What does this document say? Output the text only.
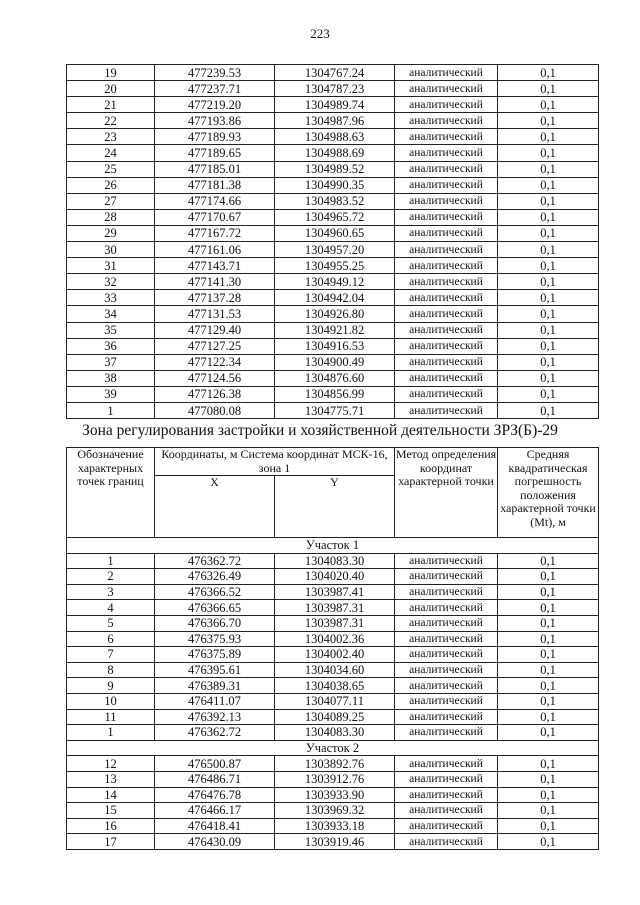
223
19	477239.53	1304767.24	аналитический	0,1
20	477237.71	1304787.23	аналитический	0,1
21	477219.20	1304989.74	аналитический	0,1
22	477193.86	1304987.96	аналитический	0,1
23	477189.93	1304988.63	аналитический	0,1
24	477189.65	1304988.69	аналитический	0,1
25	477185.01	1304989.52	аналитический	0,1
26	477181.38	1304990.35	аналитический	0,1
27	477174.66	1304983.52	аналитический	0,1
28	477170.67	1304965.72	аналитический	0,1
29	477167.72	1304960.65	аналитический	0,1
30	477161.06	1304957.20	аналитический	0,1
31	477143.71	1304955.25	аналитический	0,1
32	477141.30	1304949.12	аналитический	0,1
33	477137.28	1304942.04	аналитический	0,1
34	477131.53	1304926.80	аналитический	0,1
35	477129.40	1304921.82	аналитический	0,1
36	477127.25	1304916.53	аналитический	0,1
37	477122.34	1304900.49	аналитический	0,1
38	477124.56	1304876.60	аналитический	0,1
39	477126.38	1304856.99	аналитический	0,1
1	477080.08	1304775.71	аналитический	0,1
Зона регулирования застройки и хозяйственной деятельности ЗРЗ(Б)-29
Обозначение характерных точек границ	Координаты, м Система координат МСК-16, зона 1		Метод определения координат характерной точки	Средняя квадратическая погрешность положения характерной точки (Mt), м
	X	Y		
Участок 1				
1	476362.72	1304083.30	аналитический	0,1
2	476326.49	1304020.40	аналитический	0,1
3	476366.52	1303987.41	аналитический	0,1
4	476366.65	1303987.31	аналитический	0,1
5	476366.70	1303987.31	аналитический	0,1
6	476375.93	1304002.36	аналитический	0,1
7	476375.89	1304002.40	аналитический	0,1
8	476395.61	1304034.60	аналитический	0,1
9	476389.31	1304038.65	аналитический	0,1
10	476411.07	1304077.11	аналитический	0,1
11	476392.13	1304089.25	аналитический	0,1
1	476362.72	1304083.30	аналитический	0,1
Участок 2				
12	476500.87	1303892.76	аналитический	0,1
13	476486.71	1303912.76	аналитический	0,1
14	476476.78	1303933.90	аналитический	0,1
15	476466.17	1303969.32	аналитический	0,1
16	476418.41	1303933.18	аналитический	0,1
17	476430.09	1303919.46	аналитический	0,1
